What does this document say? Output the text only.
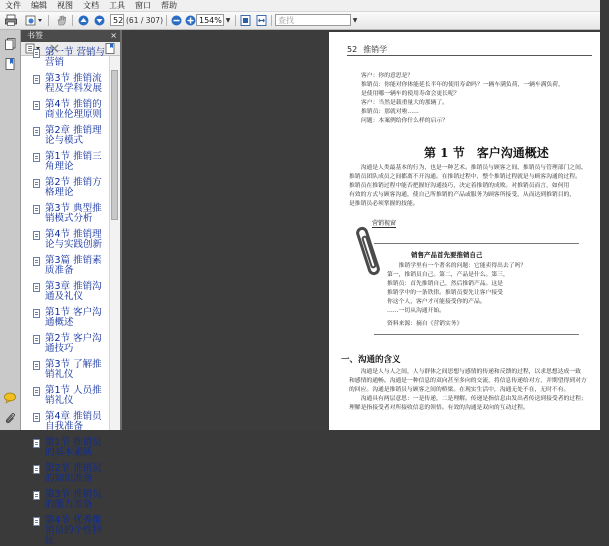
文件	编辑	视图	文档	工具	窗口	帮助
52 (61 / 307)	154% ▼	查找	▼
书签	×
第一节 营销与营销
第3节 推销流程及学科发展
第4节 推销的商业伦理原则
第2章 推销理论与模式
第1节 推销三角理论
第2节 推销方格理论
第3节 典型推销模式分析
第4节 推销理论与实践创新
第3篇 推销素质准备
第3章 推销沟通及礼仪
第1节 客户沟通概述
第2节 客户沟通技巧
第3节 了解推销礼仪
第1节 人员推销礼仪
第4章 推销员自我准备
第1节 推销员的基本素质
第2节 推销员的知识准备
第3节 推销员的能力准备
第4节 优秀推销员的个性特征
52 推销学
客户：你的意思是？
推销员：你能对你体能延长半年的使用寿命吗？一辆车满负荷，一辆车满负荷，
是使用哪一辆车的使用寿命会更长呢？
客户：当然是载重量大的那辆了。
推销员：那就对啦……
问题：本案例给你什么样的启示？
第 1 节　客户沟通概述
　　沟通是人类最基本的行为，也是一种艺术。推销员与顾客之间、推销员与管理部门之间、
推销员团队成员之间都离不开沟通。在推销过程中，整个推销过程就是与顾客沟通的过程。
推销员在推销过程中能否把握好沟通技巧，决定着推销的成败。对推销员而言，如何用
有效的方式与顾客沟通，使自己所推销的产品或服务为顾客所接受，从而达到推销目的，
是推销员必须掌握的技能。
营销视窗
销售产品首先要推销自己
　　推销学里有一个著名的问题：它能卖得出去了吗？
第一，推销员自己。第二，产品是什么。第三，
推销员：首先推销自己，然后推销产品。这是
推销学中的一条铁律。推销员要先让客户接受
你这个人，客户才可能接受你的产品。
……一切从沟通开始。
资料来源：摘自《营销实务》
一、沟通的含义
　　沟通是人与人之间，人与群体之间思想与感情的传递和反馈的过程，以求思想达成一致
和感情的通畅。沟通是一种信息的双向甚至多向的交流，将信息传递给对方，并期望得到对方
的回应。沟通是推销员与顾客之间的桥梁。在现实生活中，沟通无处不在，无时不有。
　　沟通具有两层意思：一是传递，二是理解。传递是指信息由发出者传送到接受者的过程；
理解是指接受者对所接收信息的领悟。有效的沟通是双向的互动过程。
